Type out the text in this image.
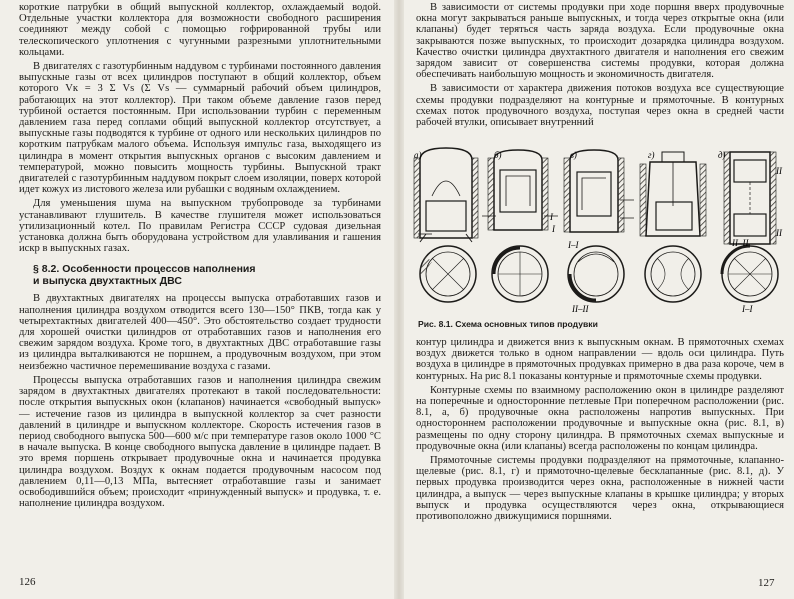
короткие патрубки в общий выпускной коллектор, охлаждаемый водой. Отдельные участки коллектора для возможности свободного расширения соединяют между собой с помощью гофрированной трубы или телескопического уплотнения с чугунными разрезными уплотнительными кольцами.

В двигателях с газотурбинным наддувом с турбинами постоянного давления выпускные газы от всех цилиндров поступают в общий коллектор, объем которого Vк = 3 Σ Vs (Σ Vs — суммарный рабочий объем цилиндров, работающих на этот коллектор). При таком объеме давление газов перед турбиной остается постоянным. При использовании турбин с переменным давлением газа перед соплами общий выпускной коллектор отсутствует, а выпускные газы подводятся к турбине от одного или нескольких цилиндров по коротким патрубкам малого объема. Используя импульс газа, выходящего из цилиндра в момент открытия выпускных органов с высоким давлением и температурой, можно повысить мощность турбины. Выпускной тракт двигателей с газотурбинным наддувом покрыт слоем изоляции, поверх которой идет кожух из листового железа или рубашки с водяным охлаждением.

Для уменьшения шума на выпускном трубопроводе за турбинами устанавливают глушитель. В качестве глушителя может использоваться утилизационный котел. По правилам Регистра СССР судовая дизельная установка должна быть оборудована устройством для улавливания и гашения искр в выпускных газах.

§ 8.2. Особенности процессов наполнения
и выпуска двухтактных ДВС

В двухтактных двигателях на процессы выпуска отработавших газов и наполнения цилиндра воздухом отводится всего 130—150° ПКВ, тогда как у четырехтактных двигателей 400—450°. Это обстоятельство создает трудности для хорошей очистки цилиндров от отработавших газов и наполнения его свежим зарядом воздуха. Кроме того, в двухтактных ДВС отработавшие газы из цилиндра выталкиваются не поршнем, а продувочным воздухом, при этом неизбежно частичное перемешивание воздуха с газами.

Процессы выпуска отработавших газов и наполнения цилиндра свежим зарядом в двухтактных двигателях протекают в такой последовательности: после открытия выпускных окон (клапанов) начинается «свободный выпуск» — истечение газов из цилиндра в выпускной коллектор за счет разности давлений в цилиндре и выпускном коллекторе. Скорость истечения газов в период свободного выпуска 500—600 м/с при температуре газов около 1000 °С в начале выпуска. В конце свободного выпуска давление в цилиндре падает. В это время поршень открывает продувочные окна и начинается продувка цилиндра воздухом. Воздух к окнам подается продувочным насосом под давлением 0,11—0,13 МПа, вытесняет отработавшие газы и занимает освободившийся объем; происходит «принужденный выпуск» и продувка, т. е. наполнение цилиндра воздухом.

126

В зависимости от системы продувки при ходе поршня вверх продувочные окна могут закрываться раньше выпускных, и тогда через открытые окна (или клапаны) будет теряться часть заряда воздуха. Если продувочные окна закрываются позже выпускных, то происходит дозарядка цилиндра воздухом. Качество очистки цилиндра двухтактного двигателя и наполнения его свежим зарядом зависит от совершенства системы продувки, которая должна обеспечивать наибольшую мощность и экономичность двигателя.

В зависимости от характера движения потоков воздуха все существующие схемы продувки подразделяют на контурные и прямоточные. В контурных схемах поток продувочного воздуха, поступая через окна в средней части рабочей втулки, описывает внутренний

а)	б)	в)	г)	д)
I
I
II
II
I–I
II–II
II–II
I–I
Рис. 8.1. Схема основных типов продувки

контур цилиндра и движется вниз к выпускным окнам. В прямоточных схемах воздух движется только в одном направлении — вдоль оси цилиндра. Путь воздуха в цилиндре в прямоточных продувках примерно в два раза короче, чем в контурных. На рис 8.1 показаны контурные и прямоточные схемы продувки.

Контурные схемы по взаимному расположению окон в цилиндре разделяют на поперечные и односторонние петлевые При поперечном расположении (рис. 8.1, а, б) продувочные окна расположены напротив выпускных. При одностороннем расположении продувочные и выпускные окна (рис. 8.1, в) размещены по одну сторону цилиндра. В прямоточных схемах выпускные и продувочные окна (или клапаны) всегда расположены по концам цилиндра.

Прямоточные системы продувки подразделяют на прямоточные, клапанно-щелевые (рис. 8.1, г) и прямоточно-щелевые бесклапанные (рис. 8.1, д). У первых продувка производится через окна, расположенные в нижней части цилиндра, а выпуск — через выпускные клапаны в крышке цилиндра; у вторых выпуск и продувка осуществляются через окна, открывающиеся противоположно движущимися поршнями.

127
